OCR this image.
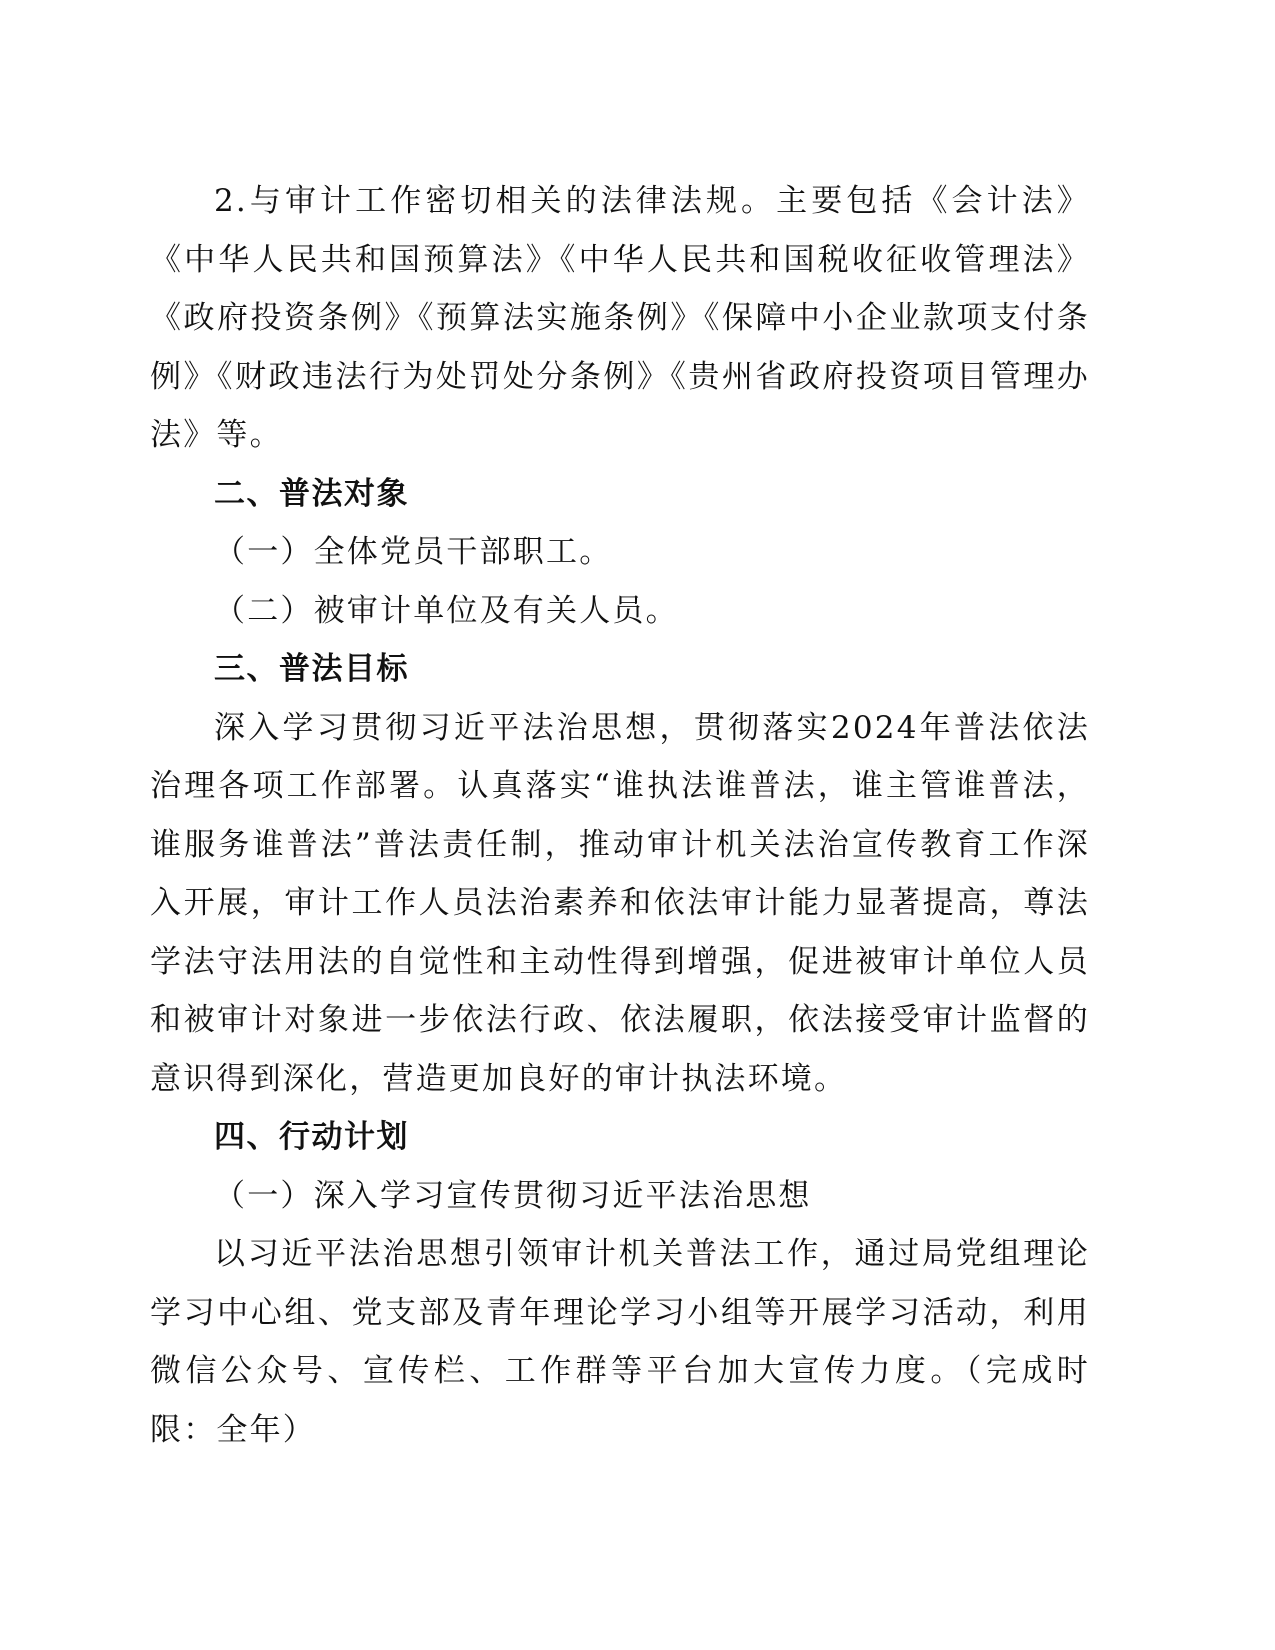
2.与审计工作密切相关的法律法规。主要包括《会计法》《中华人民共和国预算法》《中华人民共和国税收征收管理法》《政府投资条例》《预算法实施条例》《保障中小企业款项支付条例》《财政违法行为处罚处分条例》《贵州省政府投资项目管理办法》等。

二、普法对象

（一）全体党员干部职工。

（二）被审计单位及有关人员。

三、普法目标

深入学习贯彻习近平法治思想，贯彻落实2024年普法依法治理各项工作部署。认真落实“谁执法谁普法，谁主管谁普法，谁服务谁普法”普法责任制，推动审计机关法治宣传教育工作深入开展，审计工作人员法治素养和依法审计能力显著提高，尊法学法守法用法的自觉性和主动性得到增强，促进被审计单位人员和被审计对象进一步依法行政、依法履职，依法接受审计监督的意识得到深化，营造更加良好的审计执法环境。

四、行动计划

（一）深入学习宣传贯彻习近平法治思想

以习近平法治思想引领审计机关普法工作，通过局党组理论学习中心组、党支部及青年理论学习小组等开展学习活动，利用微信公众号、宣传栏、工作群等平台加大宣传力度。（完成时限：全年）
